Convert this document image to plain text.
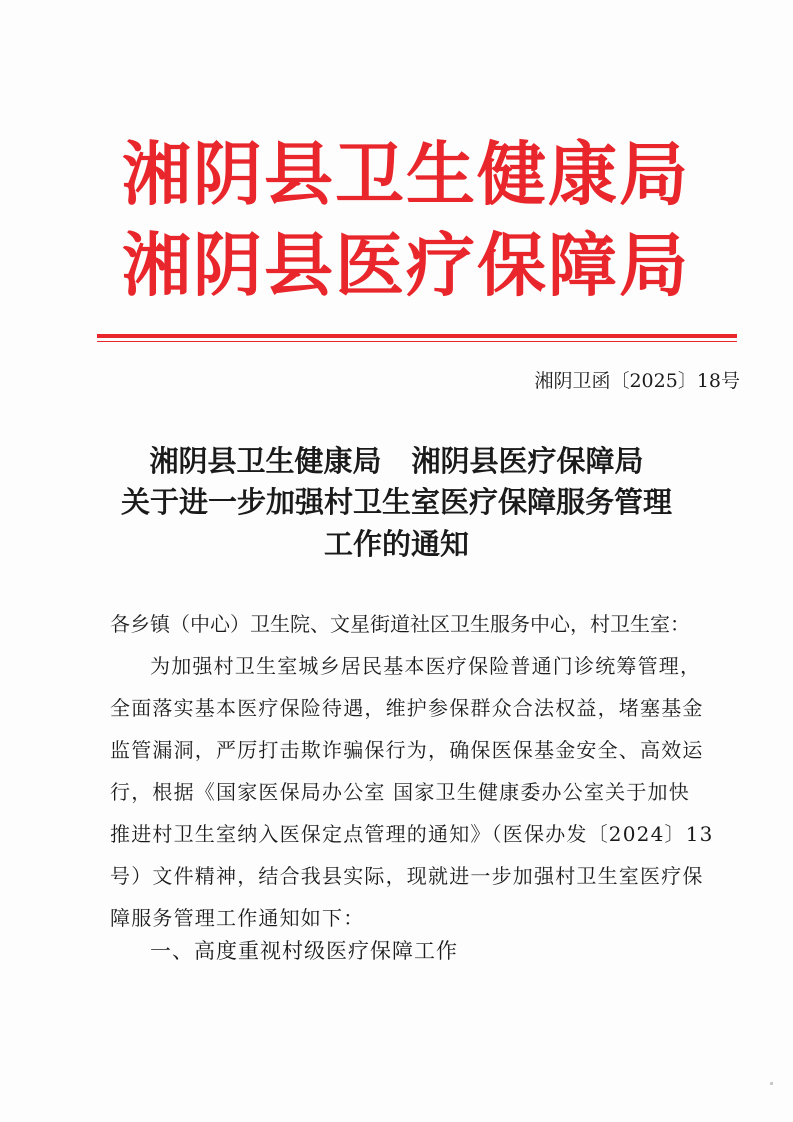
湘阴县卫生健康局
湘阴县医疗保障局
湘阴卫函〔2025〕18号
湘阴县卫生健康局 湘阴县医疗保障局
关于进一步加强村卫生室医疗保障服务管理
工作的通知
各乡镇（中心）卫生院、文星街道社区卫生服务中心，村卫生室：
为加强村卫生室城乡居民基本医疗保险普通门诊统筹管理，
全面落实基本医疗保险待遇，维护参保群众合法权益，堵塞基金
监管漏洞，严厉打击欺诈骗保行为，确保医保基金安全、高效运
行，根据《国家医保局办公室 国家卫生健康委办公室关于加快
推进村卫生室纳入医保定点管理的通知》（医保办发〔2024〕13
号）文件精神，结合我县实际，现就进一步加强村卫生室医疗保
障服务管理工作通知如下：
一、高度重视村级医疗保障工作
